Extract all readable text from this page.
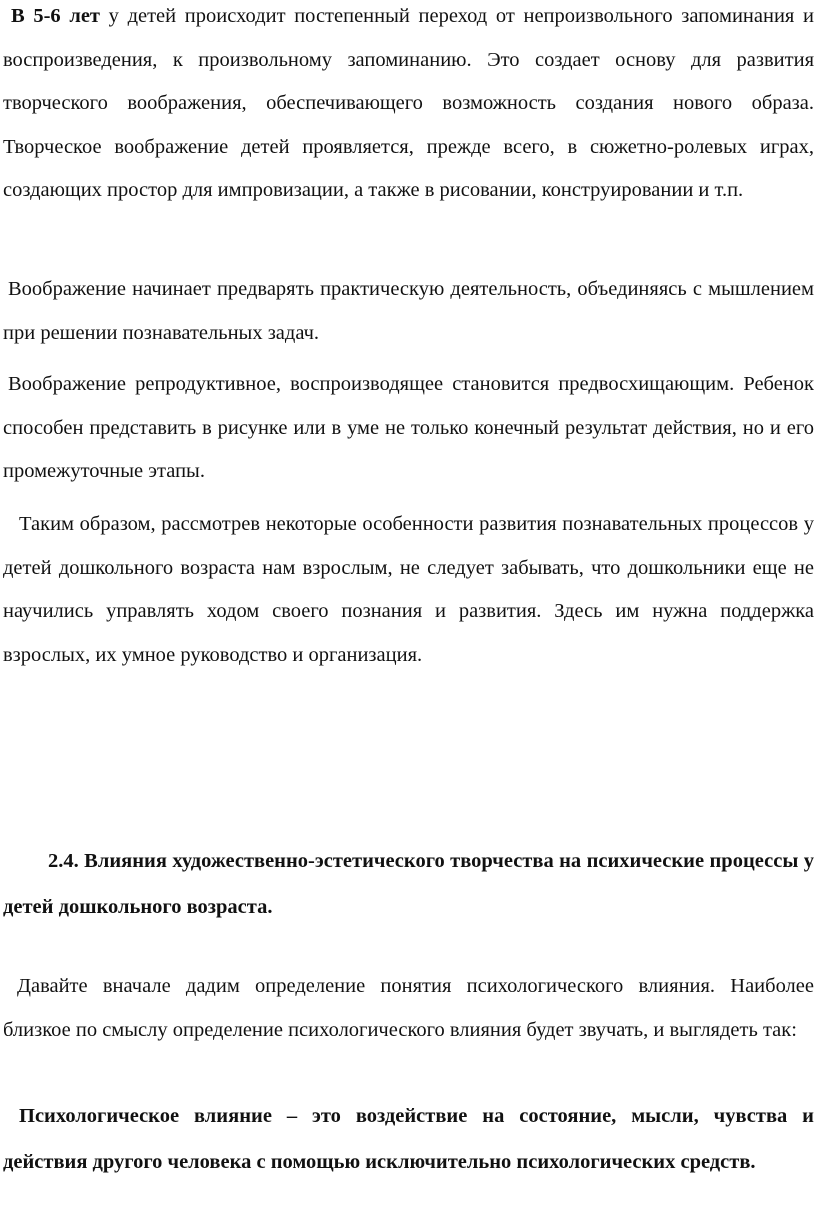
В 5-6 лет у детей происходит постепенный переход от непроизвольного запоминания и воспроизведения, к произвольному запоминанию. Это создает основу для развития творческого воображения, обеспечивающего возможность создания нового образа. Творческое воображение детей проявляется, прежде всего, в сюжетно-ролевых играх, создающих простор для импровизации, а также в рисовании, конструировании и т.п.

Воображение начинает предварять практическую деятельность, объединяясь с мышлением при решении познавательных задач.

Воображение репродуктивное, воспроизводящее становится предвосхищающим. Ребенок способен представить в рисунке или в уме не только конечный результат действия, но и его промежуточные этапы.

Таким образом, рассмотрев некоторые особенности развития познавательных процессов у детей дошкольного возраста нам взрослым, не следует забывать, что дошкольники еще не научились управлять ходом своего познания и развития. Здесь им нужна поддержка взрослых, их умное руководство и организация.

2.4. Влияния художественно-эстетического творчества на психические процессы у детей дошкольного возраста.

Давайте вначале дадим определение понятия психологического влияния. Наиболее близкое по смыслу определение психологического влияния будет звучать, и выглядеть так:

Психологическое влияние – это воздействие на состояние, мысли, чувства и действия другого человека с помощью исключительно психологических средств.
